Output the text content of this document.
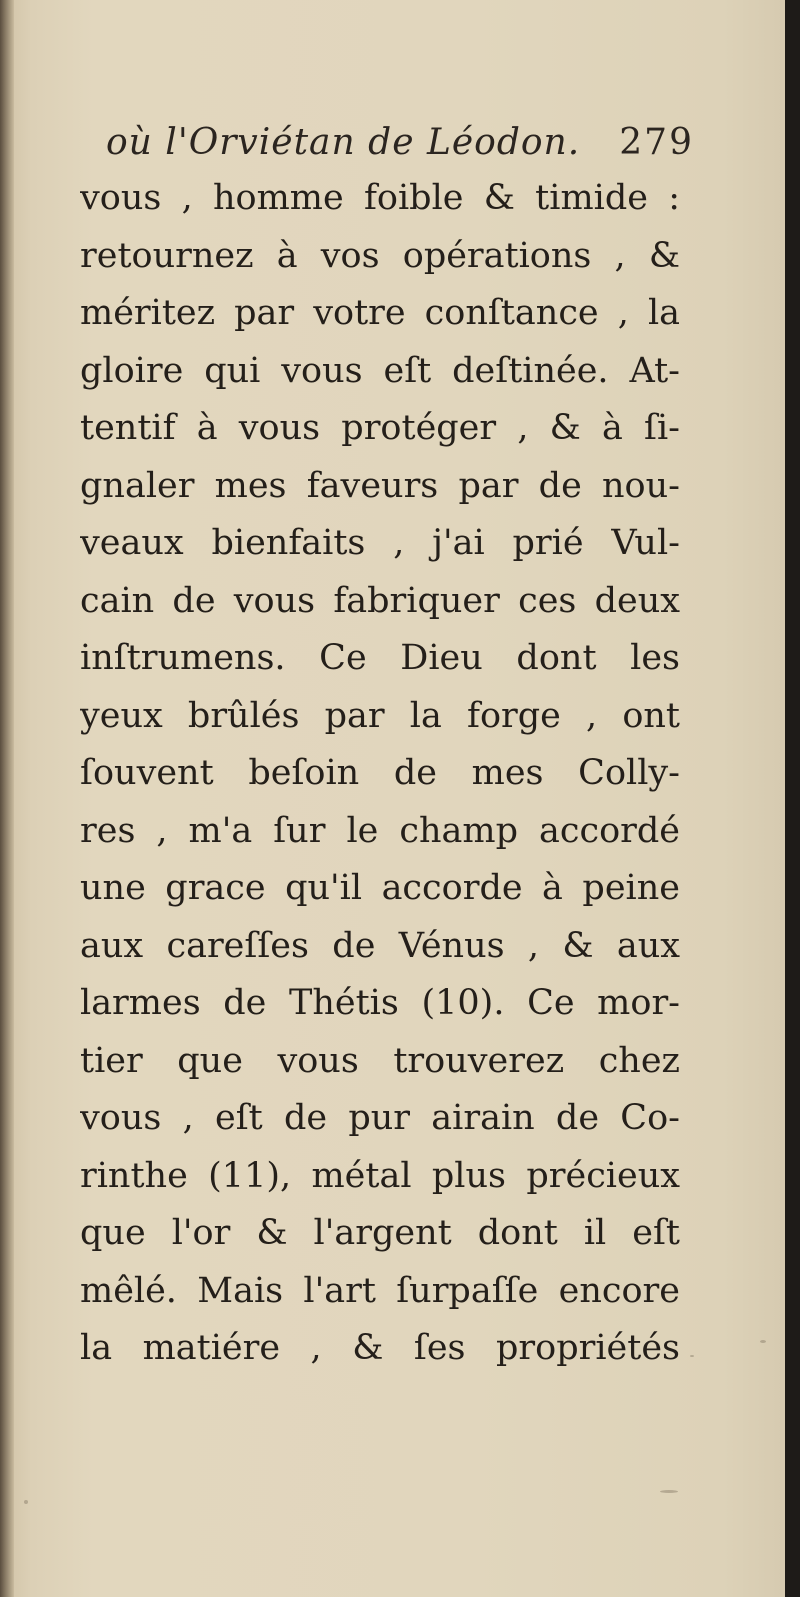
où l'Orviétan de Léodon. 279
vous , homme foible & timide :
retournez à vos opérations , &
méritez par votre conſtance , la
gloire qui vous eſt deſtinée. At-
tentif à vous protéger , & à ſi-
gnaler mes faveurs par de nou-
veaux bienfaits , j'ai prié Vul-
cain de vous fabriquer ces deux
inſtrumens. Ce Dieu dont les
yeux brûlés par la forge , ont
ſouvent beſoin de mes Colly-
res , m'a ſur le champ accordé
une grace qu'il accorde à peine
aux careſſes de Vénus , & aux
larmes de Thétis (10). Ce mor-
tier que vous trouverez chez
vous , eſt de pur airain de Co-
rinthe (11), métal plus précieux
que l'or & l'argent dont il eſt
mêlé. Mais l'art ſurpaſſe encore
la matiére , & ſes propriétés
